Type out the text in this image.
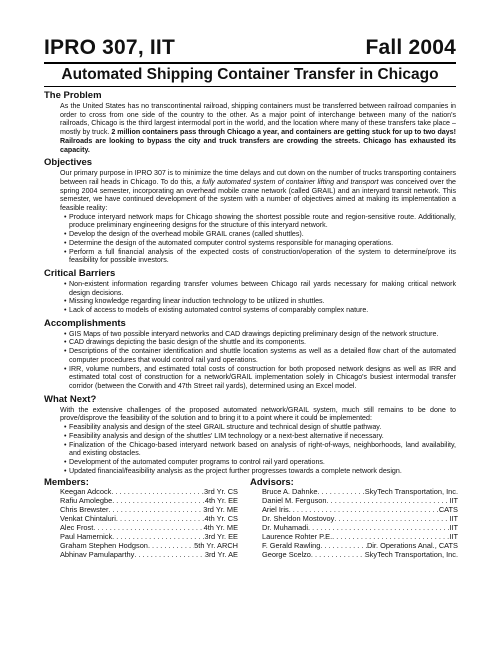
IPRO 307, IIT	Fall 2004
Automated Shipping Container Transfer in Chicago
The Problem

As the United States has no transcontinental railroad, shipping containers must be transferred between railroad companies in order to cross from one side of the country to the other. As a major point of interchange between many of the nation's railroads, Chicago is the third largest intermodal port in the world, and the location where many of these transfers take place – mostly by truck. 2 million containers pass through Chicago a year, and containers are getting stuck for up to two days! Railroads are looking to bypass the city and truck transfers are crowding the streets. Chicago has exhausted its capacity.

Objectives

Our primary purpose in IPRO 307 is to minimize the time delays and cut down on the number of trucks transporting containers between rail heads in Chicago. To do this, a fully automated system of container lifting and transport was conceived over the spring 2004 semester, incorporating an overhead mobile crane network (called GRAIL) and an interyard transit network. This semester, we have continued development of the system with a number of objectives aimed at making its implementation a feasible reality:

• Produce interyard network maps for Chicago showing the shortest possible route and region-sensitive route. Additionally, produce preliminary engineering designs for the structure of this interyard network.
• Develop the design of the overhead mobile GRAIL cranes (called shuttles).
• Determine the design of the automated computer control systems responsible for managing operations.
• Perform a full financial analysis of the expected costs of construction/operation of the system to determine/prove its feasibility for possible investors.
Critical Barriers
• Non-existent information regarding transfer volumes between Chicago rail yards necessary for making critical network design decisions.
• Missing knowledge regarding linear induction technology to be utilized in shuttles.
• Lack of access to models of existing automated control systems of comparably complex nature.
Accomplishments
• GIS Maps of two possible interyard networks and CAD drawings depicting preliminary design of the network structure.
• CAD drawings depicting the basic design of the shuttle and its components.
• Descriptions of the container identification and shuttle location systems as well as a detailed flow chart of the automated computer procedures that would control rail yard operations.
• IRR, volume numbers, and estimated total costs of construction for both proposed network designs as well as IRR and estimated total cost of construction for a network/GRAIL implementation solely in Chicago's busiest intermodal transfer corridor (between the Corwith and 47th Street rail yards), determined using an Excel model.
What Next?

With the extensive challenges of the proposed automated network/GRAIL system, much still remains to be done to prove/disprove the feasibility of the solution and to bring it to a point where it could be implemented:

• Feasibility analysis and design of the steel GRAIL structure and technical design of shuttle pathway.
• Feasibility analysis and design of the shuttles' LIM technology or a next-best alternative if necessary.
• Finalization of the Chicago-based interyard network based on analysis of right-of-ways, neighborhoods, land availability, and existing obstacles.
• Development of the automated computer programs to control rail yard operations.
• Updated financial/feasibility analysis as the project further progresses towards a complete network design.
Members:
Keegan Adcock . . .	3rd Yr. CS
Rafiu Amolegbe . . .	4th Yr. EE
Chris Brewster . . .	3rd Yr. ME
Venkat Chintaluri . . .	4th Yr. CS
Alec Frost . . .	4th Yr. ME
Paul Hamernick . . .	3rd Yr. EE
Graham Stephen Hodgson . . .	5th Yr. ARCH
Abhinav Pamulaparthy . . .	3rd Yr. AE
Advisors:
Bruce A. Dahnke . . .	SkyTech Transportation, Inc.
Daniel M. Ferguson . . .	IIT
Ariel Iris . . .	CATS
Dr. Sheldon Mostovoy . . .	IIT
Dr. Muhamadi . . .	IIT
Laurence Rohter P.E. . . .	IIT
F. Gerald Rawling . . .	Dir. Operations Anal., CATS
George Scelzo . . .	SkyTech Transportation, Inc.
